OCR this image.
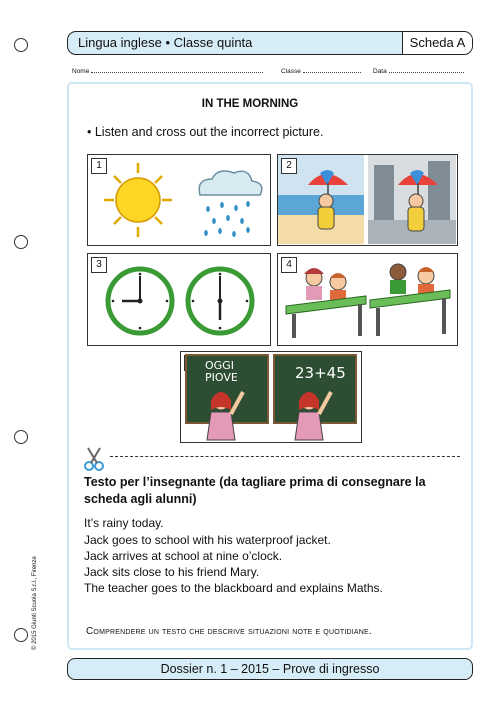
Lingua inglese • Classe quinta	Scheda A
Nome	Classe	Data
IN THE MORNING
• Listen and cross out the incorrect picture.
1	2
3	4
OGGI
PIOVE	23+45
Testo per l’insegnante (da tagliare prima di consegnare la scheda agli alunni)
It’s rainy today.
Jack goes to school with his waterproof jacket.
Jack arrives at school at nine o’clock.
Jack sits close to his friend Mary.
The teacher goes to the blackboard and explains Maths.
Comprendere un testo che descrive situazioni note e quotidiane.
Dossier n. 1 – 2015 – Prove di ingresso
© 2015 Giunti Scuola S.r.l., Firenze
